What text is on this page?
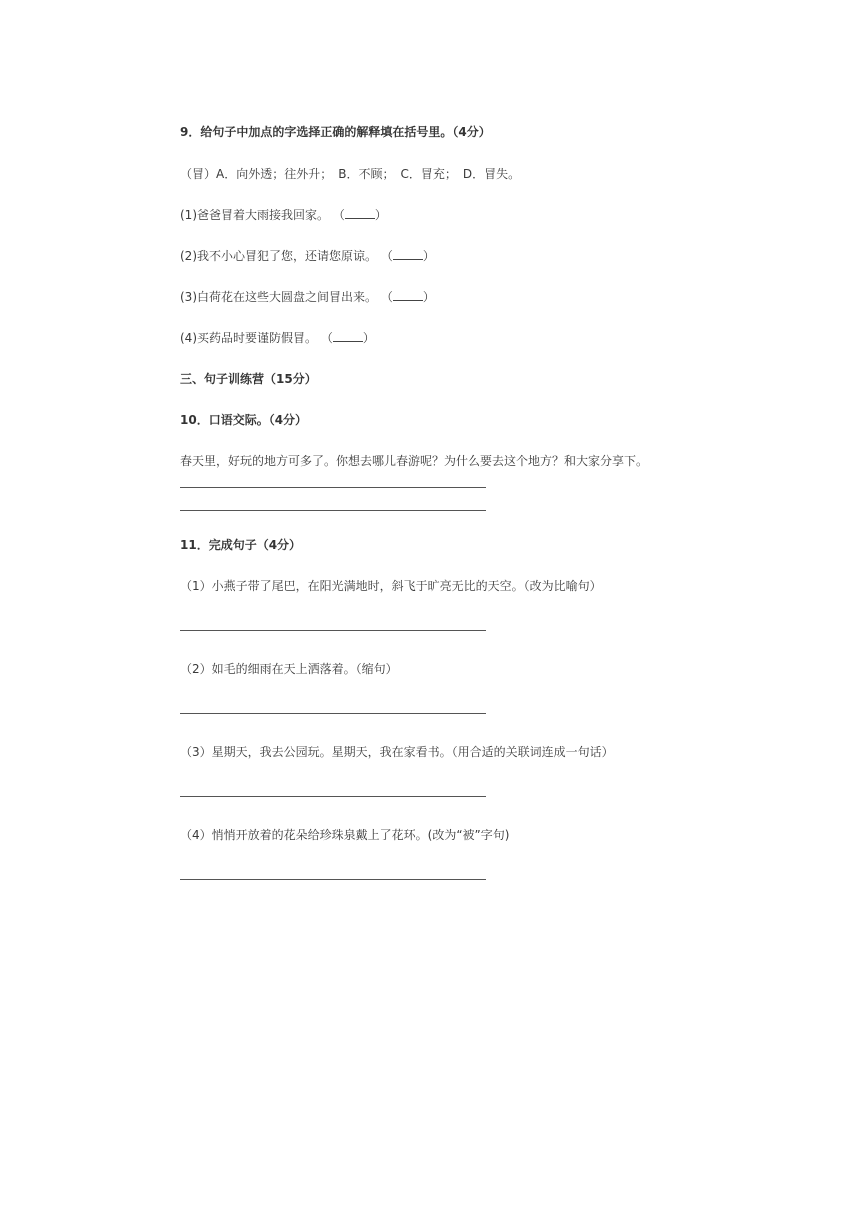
9．给句子中加点的字选择正确的解释填在括号里。（4分）
（冒）A．向外透；往外升；　B．不顾；　C．冒充；　D．冒失。
(1)爸爸冒着大雨接我回家。 （	）
(2)我不小心冒犯了您，还请您原谅。 （	）
(3)白荷花在这些大圆盘之间冒出来。 （	）
(4)买药品时要谨防假冒。 （	）
三、句子训练营（15分）
10．口语交际。（4分）
春天里，好玩的地方可多了。你想去哪儿春游呢？为什么要去这个地方？和大家分享下。
11．完成句子（4分）
（1）小燕子带了尾巴，在阳光满地时，斜飞于旷亮无比的天空。（改为比喻句）
（2）如毛的细雨在天上洒落着。（缩句）
（3）星期天，我去公园玩。星期天，我在家看书。（用合适的关联词连成一句话）
（4）悄悄开放着的花朵给珍珠泉戴上了花环。(改为“被”字句)
